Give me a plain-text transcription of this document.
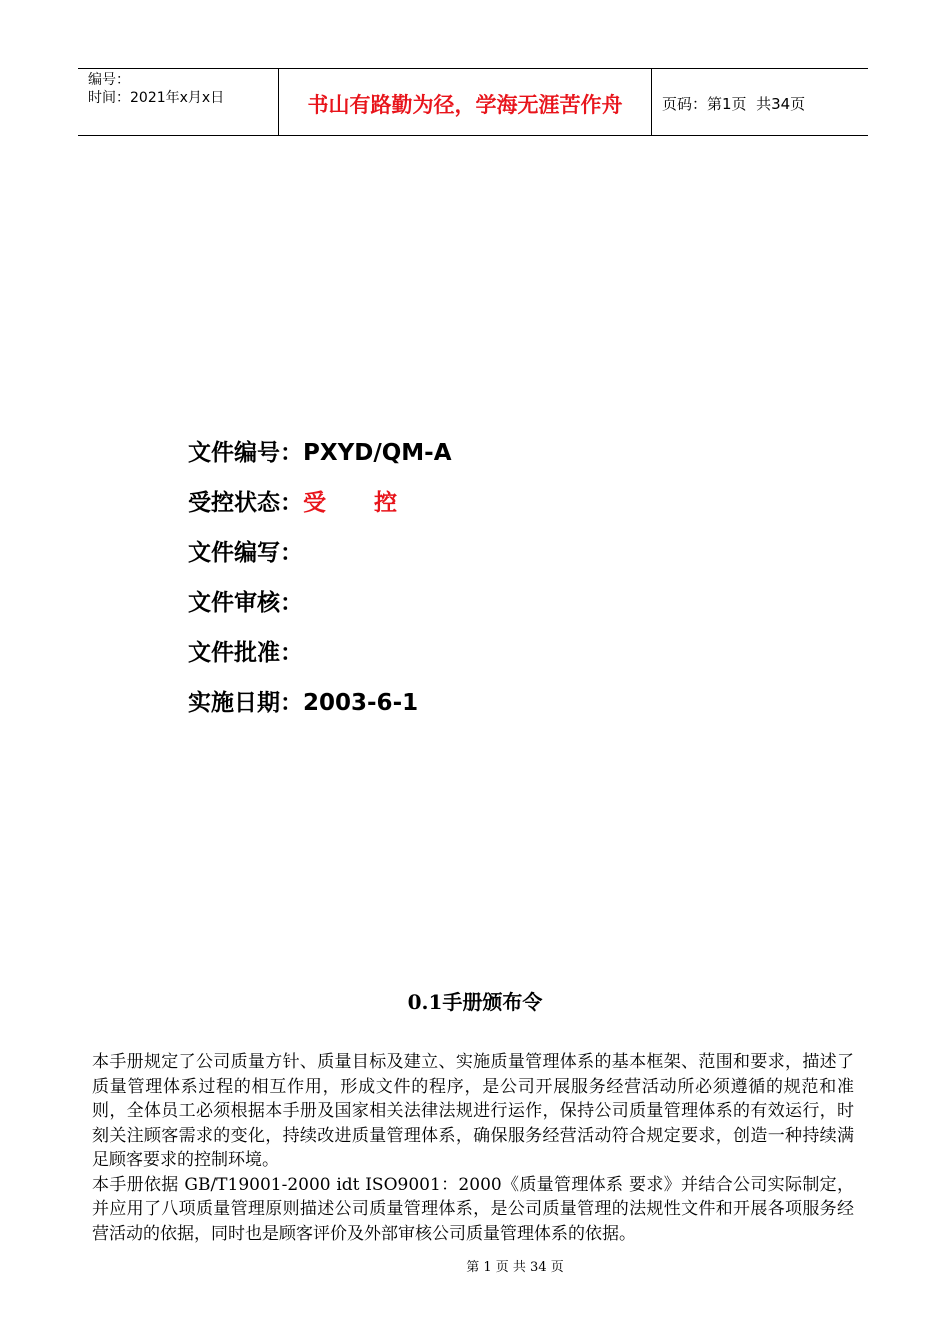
编号：
时间：2021年x月x日	书山有路勤为径，学海无涯苦作舟	页码：第1页  共34页
文件编号：PXYD/QM-A
受控状态：受 控
文件编写：
文件审核：
文件批准：
实施日期：2003-6-1
0.1手册颁布令

本手册规定了公司质量方针、质量目标及建立、实施质量管理体系的基本框架、范围和要求，描述了质量管理体系过程的相互作用，形成文件的程序，是公司开展服务经营活动所必须遵循的规范和准则，全体员工必须根据本手册及国家相关法律法规进行运作，保持公司质量管理体系的有效运行，时刻关注顾客需求的变化，持续改进质量管理体系，确保服务经营活动符合规定要求，创造一种持续满足顾客要求的控制环境。

本手册依据 GB/T19001-2000 idt ISO9001：2000《质量管理体系 要求》并结合公司实际制定，并应用了八项质量管理原则描述公司质量管理体系，是公司质量管理的法规性文件和开展各项服务经营活动的依据，同时也是顾客评价及外部审核公司质量管理体系的依据。

第 1 页 共 34 页
